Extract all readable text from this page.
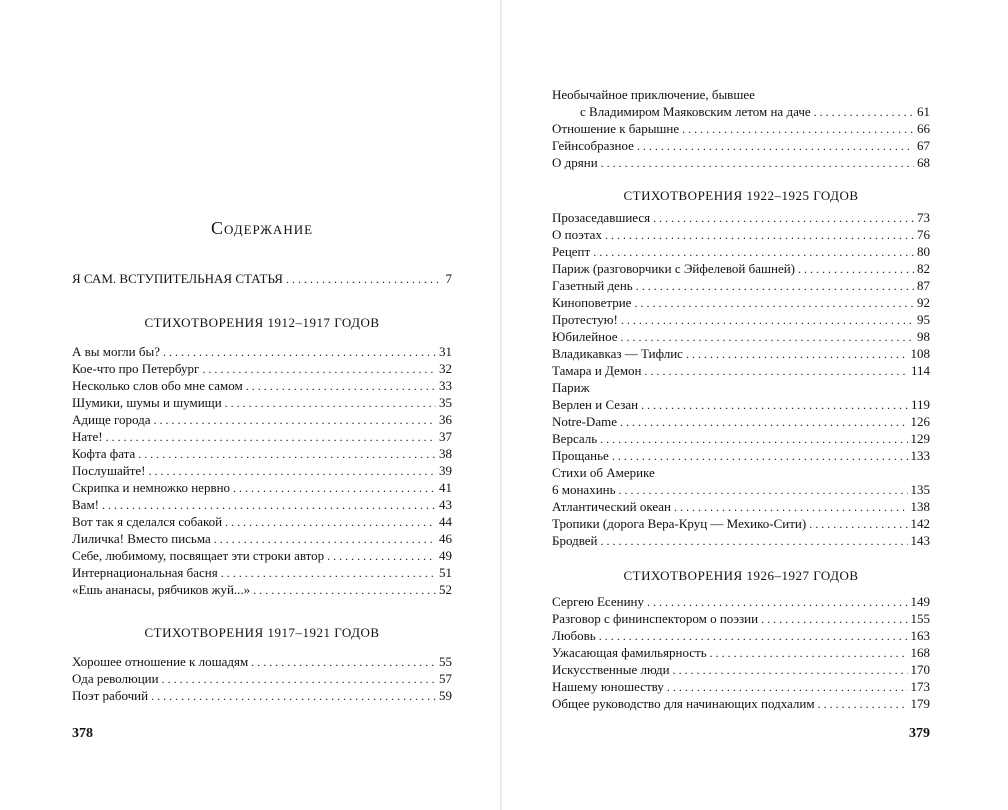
Содержание
Я САМ. ВСТУПИТЕЛЬНАЯ СТАТЬЯ . . .	7
СТИХОТВОРЕНИЯ 1912–1917 ГОДОВ
А вы могли бы? . . .	31
Кое-что про Петербург . . .	32
Несколько слов обо мне самом . . .	33
Шумики, шумы и шумищи . . .	35
Адище города . . .	36
Нате! . . .	37
Кофта фата . . .	38
Послушайте! . . .	39
Скрипка и немножко нервно . . .	41
Вам! . . .	43
Вот так я сделался собакой . . .	44
Лиличка! Вместо письма . . .	46
Себе, любимому, посвящает эти строки автор . . .	49
Интернациональная басня . . .	51
«Ешь ананасы, рябчиков жуй...» . . .	52
СТИХОТВОРЕНИЯ 1917–1921 ГОДОВ
Хорошее отношение к лошадям . . .	55
Ода революции . . .	57
Поэт рабочий . . .	59
378
Необычайное приключение, бывшее
с Владимиром Маяковским летом на даче . . .	61
Отношение к барышне . . .	66
Гейнсобразное . . .	67
О дряни . . .	68
СТИХОТВОРЕНИЯ 1922–1925 ГОДОВ
Прозаседавшиеся . . .	73
О поэтах . . .	76
Рецепт . . .	80
Париж (разговорчики с Эйфелевой башней) . . .	82
Газетный день . . .	87
Киноповетрие . . .	92
Протестую! . . .	95
Юбилейное . . .	98
Владикавказ — Тифлис . . .	108
Тамара и Демон . . .	114
Париж
Верлен и Сезан . . .	119
Notre-Dame . . .	126
Версаль . . .	129
Прощанье . . .	133
Стихи об Америке
6 монахинь . . .	135
Атлантический океан . . .	138
Тропики (дорога Вера-Круц — Мехико-Сити) . . .	142
Бродвей . . .	143
СТИХОТВОРЕНИЯ 1926–1927 ГОДОВ
Сергею Есенину . . .	149
Разговор с фининспектором о поэзии . . .	155
Любовь . . .	163
Ужасающая фамильярность . . .	168
Искусственные люди . . .	170
Нашему юношеству . . .	173
Общее руководство для начинающих подхалим . . .	179
379
